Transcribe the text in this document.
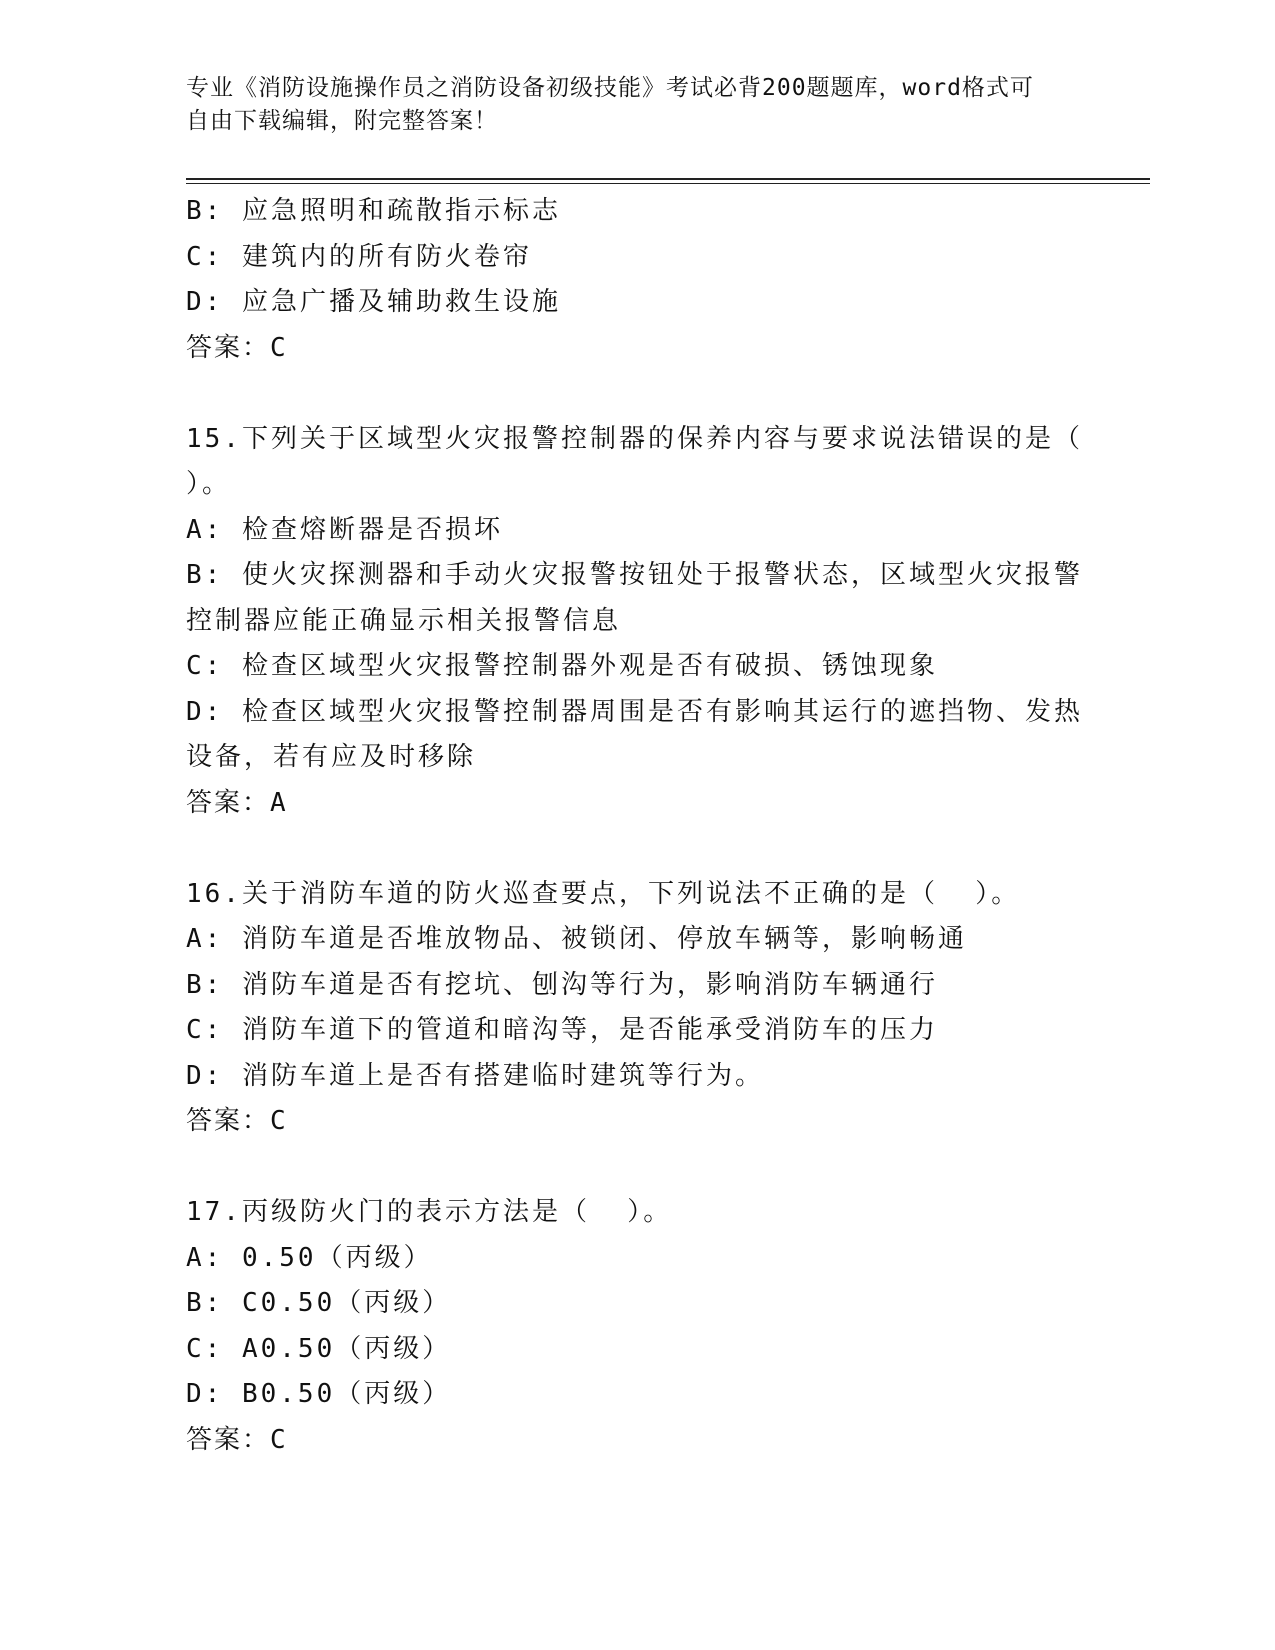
专业《消防设施操作员之消防设备初级技能》考试必背200题题库，word格式可
自由下载编辑，附完整答案！
B: 应急照明和疏散指示标志
C: 建筑内的所有防火卷帘
D: 应急广播及辅助救生设施
答案：C
15.下列关于区域型火灾报警控制器的保养内容与要求说法错误的是（
）。
A: 检查熔断器是否损坏
B: 使火灾探测器和手动火灾报警按钮处于报警状态，区域型火灾报警
控制器应能正确显示相关报警信息
C: 检查区域型火灾报警控制器外观是否有破损、锈蚀现象
D: 检查区域型火灾报警控制器周围是否有影响其运行的遮挡物、发热
设备，若有应及时移除
答案：A
16.关于消防车道的防火巡查要点，下列说法不正确的是（  ）。
A: 消防车道是否堆放物品、被锁闭、停放车辆等，影响畅通
B: 消防车道是否有挖坑、刨沟等行为，影响消防车辆通行
C: 消防车道下的管道和暗沟等，是否能承受消防车的压力
D: 消防车道上是否有搭建临时建筑等行为。
答案：C
17.丙级防火门的表示方法是（  ）。
A: 0.50（丙级）
B: C0.50（丙级）
C: A0.50（丙级）
D: B0.50（丙级）
答案：C
